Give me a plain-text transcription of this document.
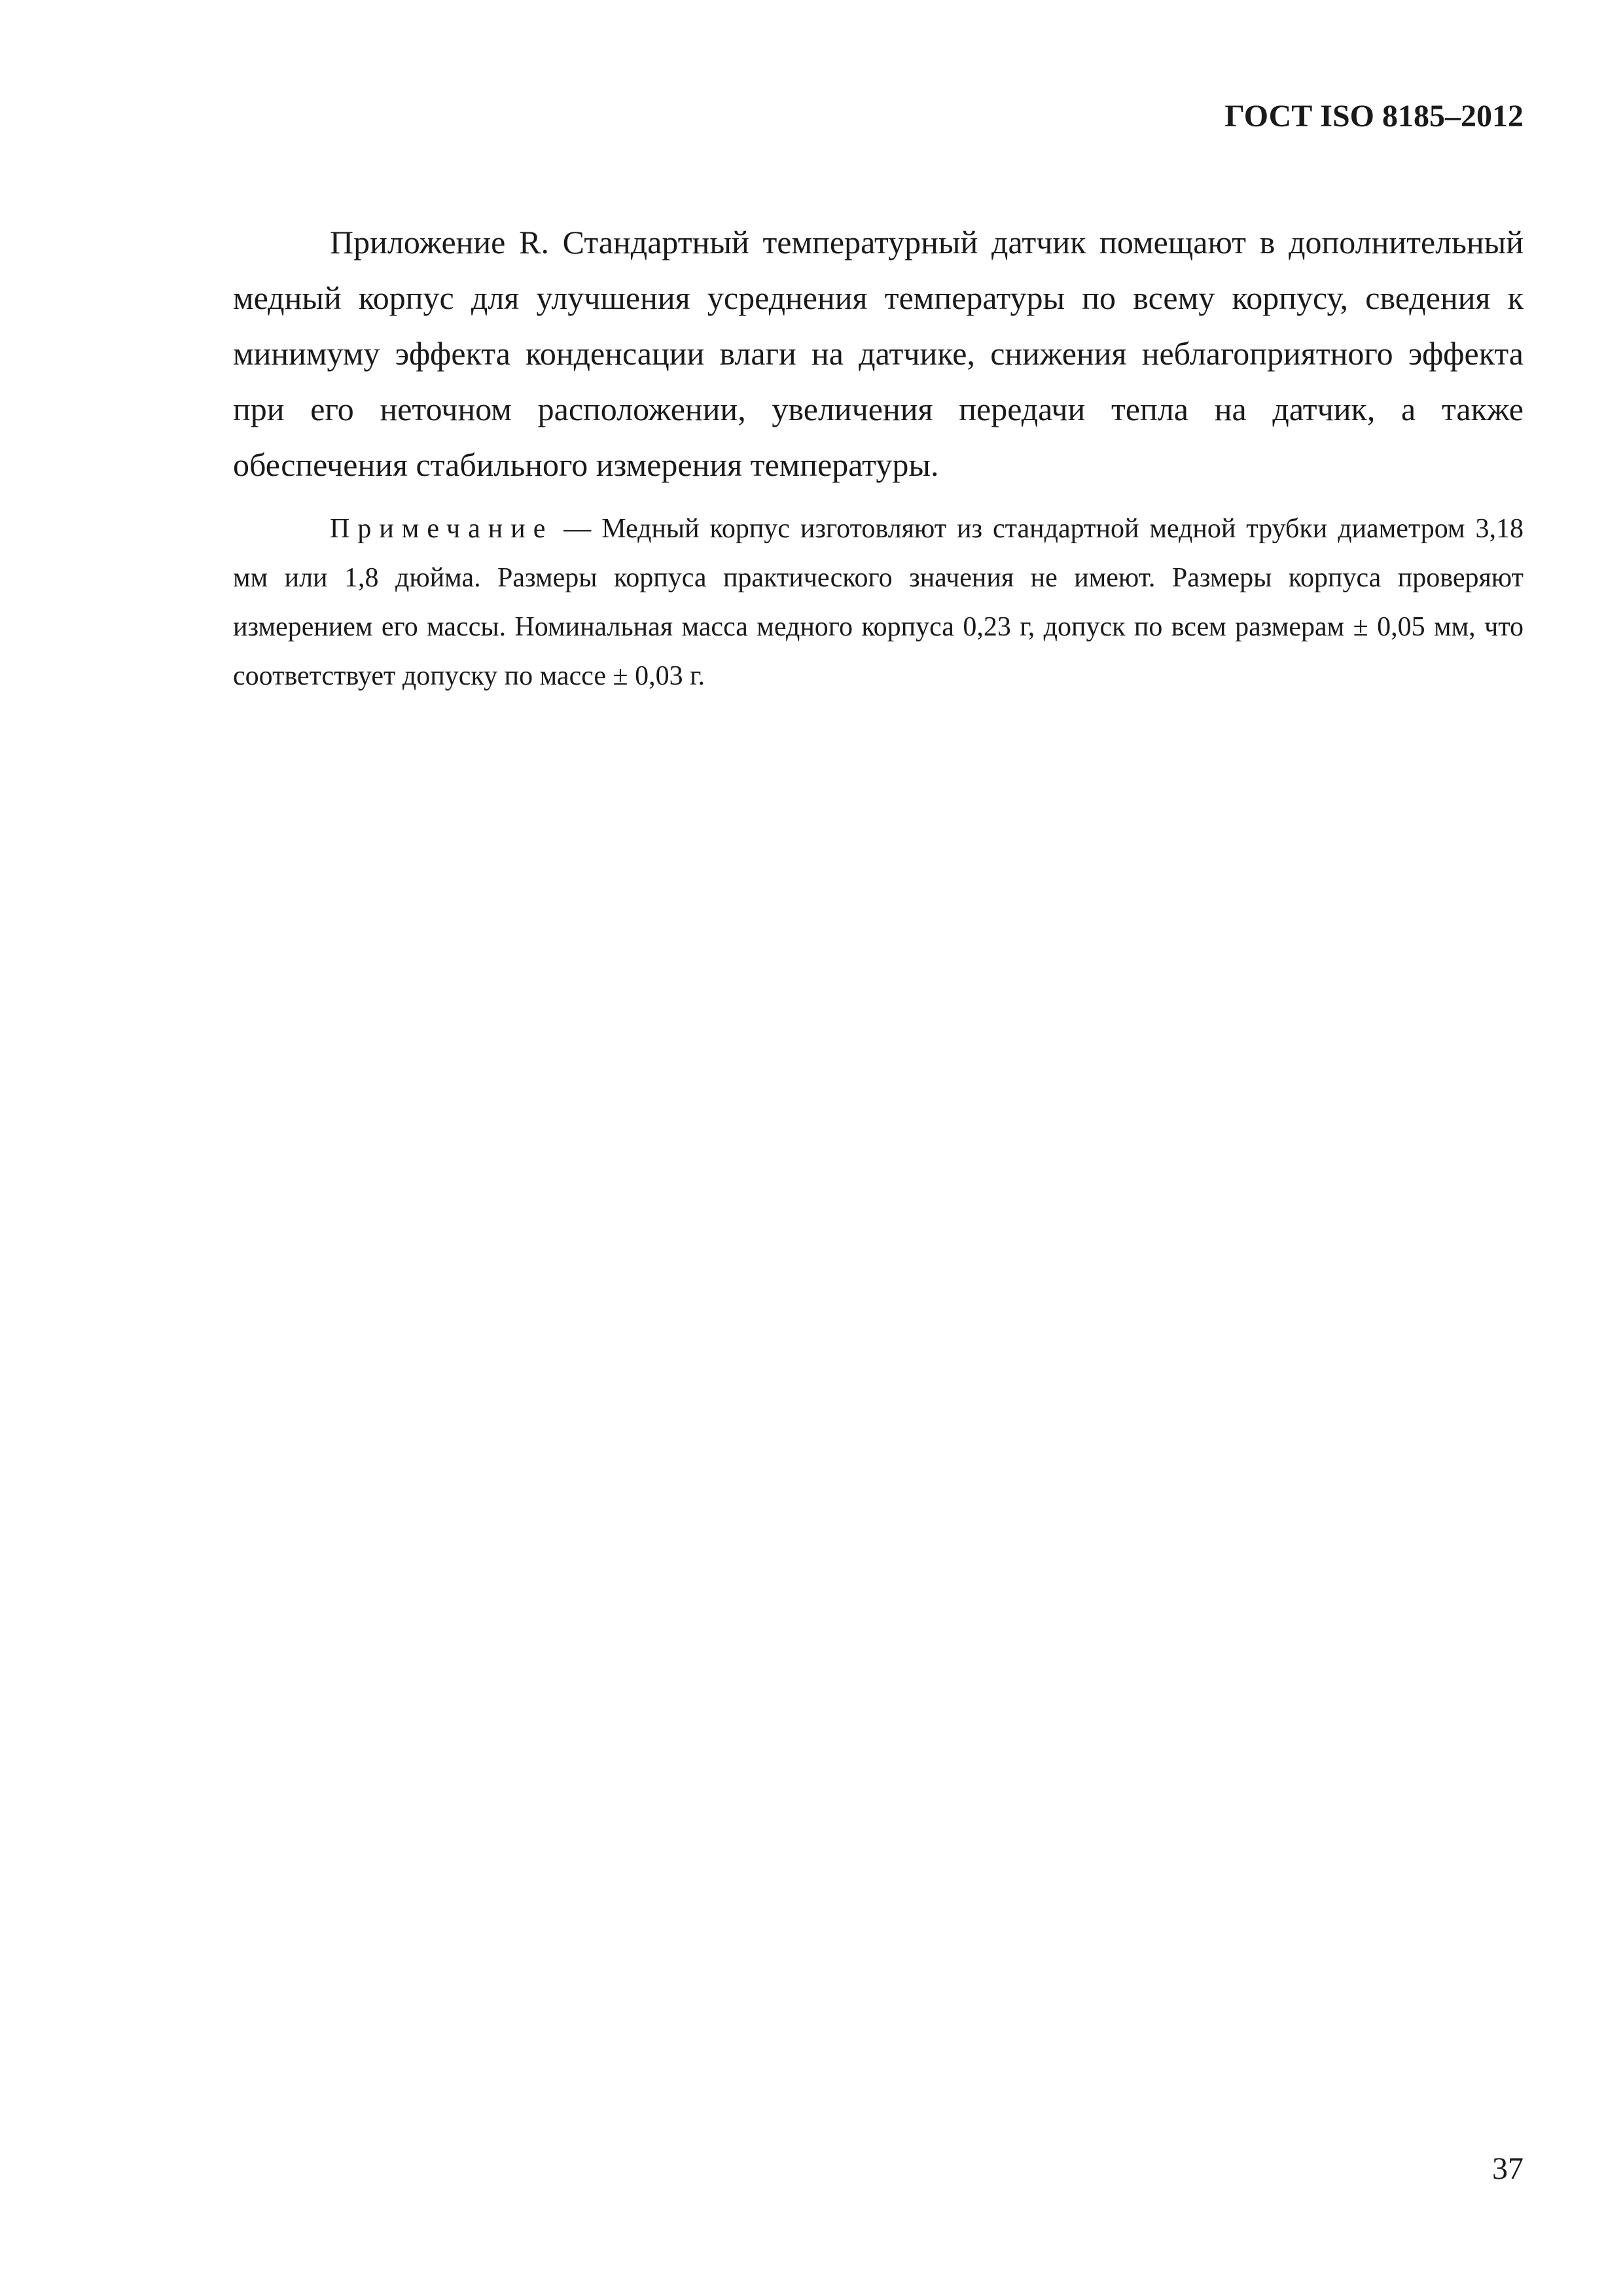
ГОСТ ISO 8185–2012

Приложение R. Стандартный температурный датчик помещают в дополнительный медный корпус для улучшения усреднения температуры по всему корпусу, сведения к минимуму эффекта конденсации влаги на датчике, снижения неблагоприятного эффекта при его неточном расположении, увеличения передачи тепла на датчик, а также обеспечения стабильного измерения температуры.

Примечание — Медный корпус изготовляют из стандартной медной трубки диаметром 3,18 мм или 1,8 дюйма. Размеры корпуса практического значения не имеют. Размеры корпуса проверяют измерением его массы. Номинальная масса медного корпуса 0,23 г, допуск по всем размерам ± 0,05 мм, что соответствует допуску по массе ± 0,03 г.

37
